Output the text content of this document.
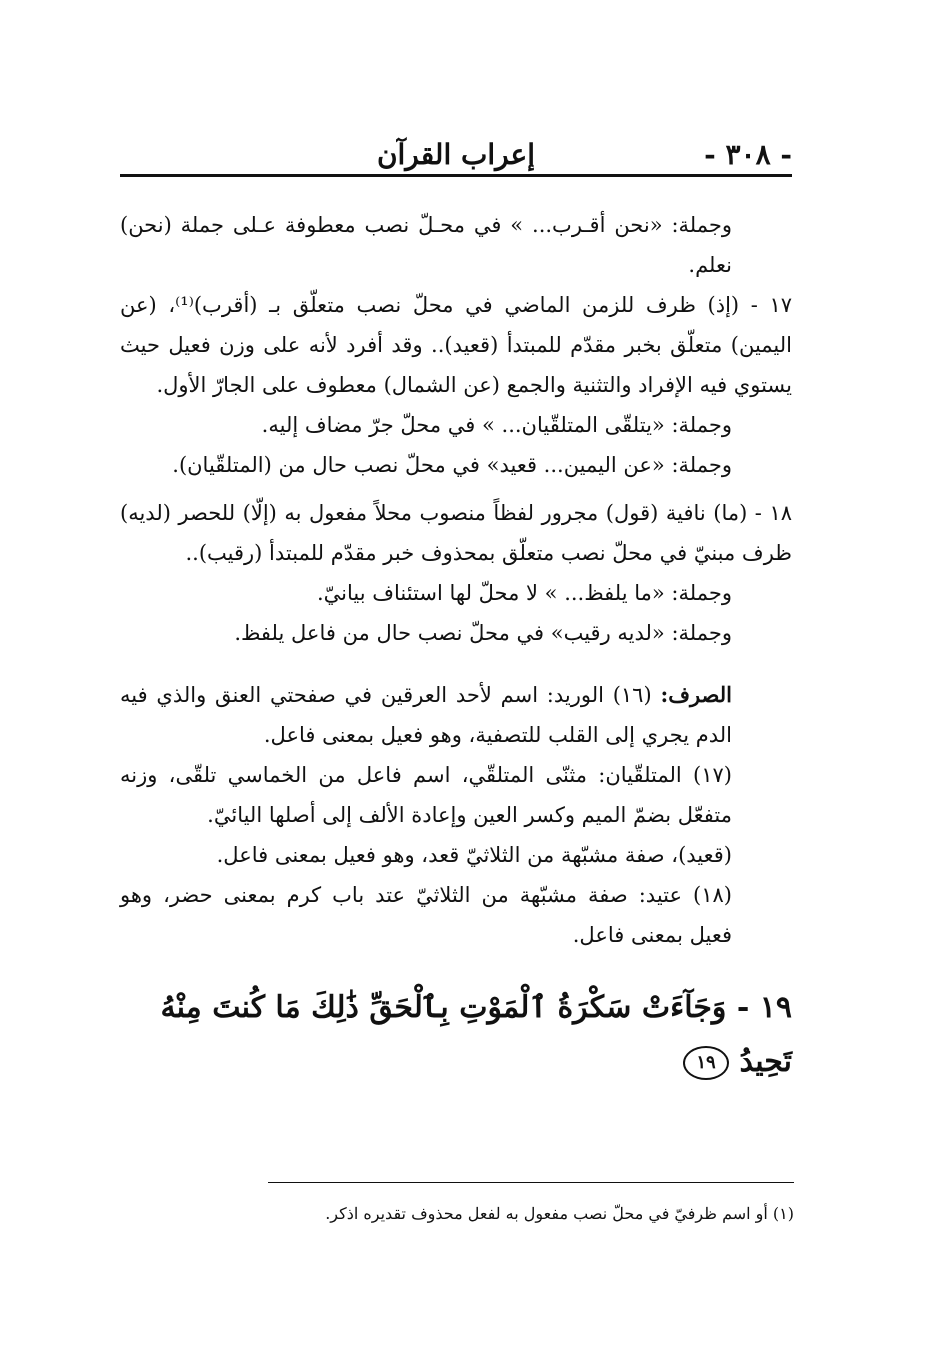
- ٣٠٨ -
إعراب القرآن

وجملة: «نحن أقـرب... » في محـلّ نصب معطوفة عـلى جملة (نحن) نعلم.

١٧ - (إذ) ظرف للزمن الماضي في محلّ نصب متعلّق بـ (أقرب)⁽¹⁾، (عن اليمين) متعلّق بخبر مقدّم للمبتدأ (قعيد).. وقد أفرد لأنه على وزن فعيل حيث يستوي فيه الإفراد والتثنية والجمع (عن الشمال) معطوف على الجارّ الأول.

وجملة: «يتلقّى المتلقّيان... » في محلّ جرّ مضاف إليه.

وجملة: «عن اليمين... قعيد» في محلّ نصب حال من (المتلقّيان).

١٨ - (ما) نافية (قول) مجرور لفظاً منصوب محلاً مفعول به (إلّا) للحصر (لديه) ظرف مبنيّ في محلّ نصب متعلّق بمحذوف خبر مقدّم للمبتدأ (رقيب)..

وجملة: «ما يلفظ... » لا محلّ لها استئناف بيانيّ.

وجملة: «لديه رقيب» في محلّ نصب حال من فاعل يلفظ.

الصرف: (١٦) الوريد: اسم لأحد العرقين في صفحتي العنق والذي فيه الدم يجري إلى القلب للتصفية، وهو فعيل بمعنى فاعل.

(١٧) المتلقّيان: مثنّى المتلقّي، اسم فاعل من الخماسي تلقّى، وزنه متفعّل بضمّ الميم وكسر العين وإعادة الألف إلى أصلها اليائيّ.

(قعيد)، صفة مشبّهة من الثلاثيّ قعد، وهو فعيل بمعنى فاعل.

(١٨) عتيد: صفة مشبّهة من الثلاثيّ عتد باب كرم بمعنى حضر، وهو فعيل بمعنى فاعل.

١٩ - وَجَآءَتْ سَكْرَةُ ٱلْمَوْتِ بِٱلْحَقِّ ذَٰلِكَ مَا كُنتَ مِنْهُ تَحِيدُ ١٩
(١) أو اسم ظرفيّ في محلّ نصب مفعول به لفعل محذوف تقديره اذكر.
